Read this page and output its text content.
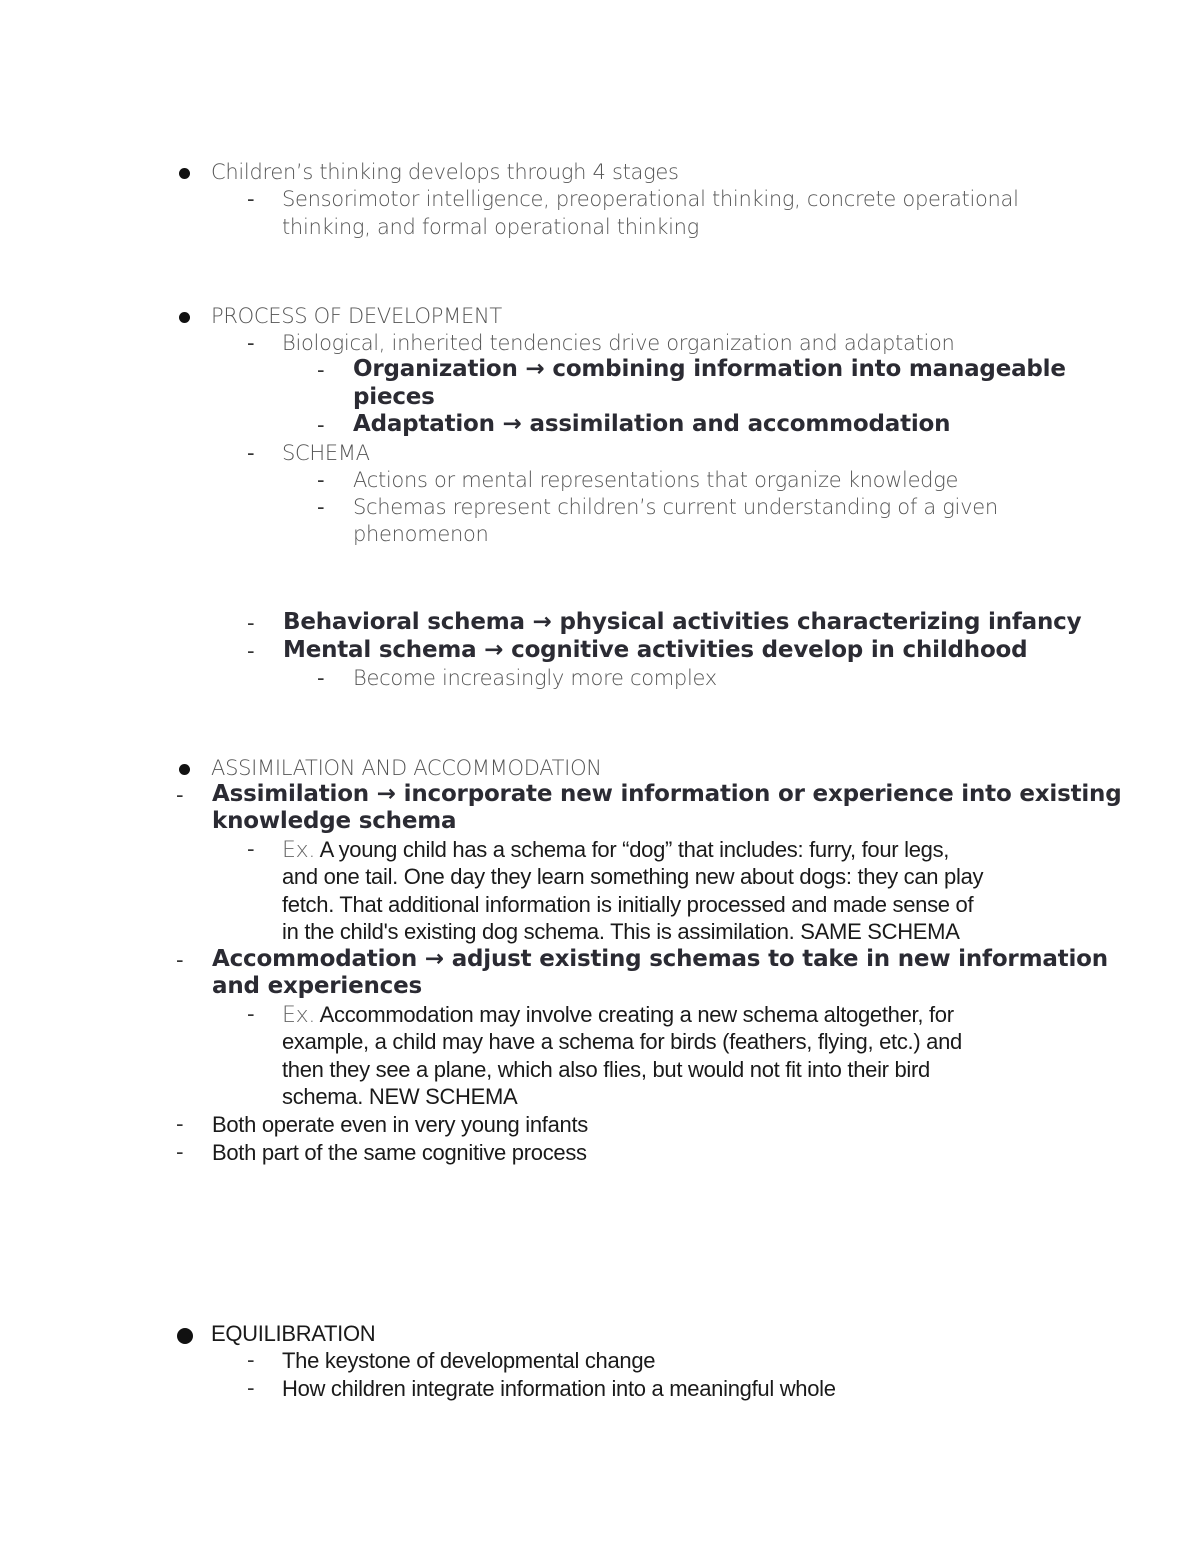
Children’s thinking develops through 4 stages
- Sensorimotor intelligence, preoperational thinking, concrete operational
thinking, and formal operational thinking
PROCESS OF DEVELOPMENT
- Biological, inherited tendencies drive organization and adaptation
- Organization → combining information into manageable
pieces
- Adaptation → assimilation and accommodation
- SCHEMA
- Actions or mental representations that organize knowledge
- Schemas represent children’s current understanding of a given
phenomenon
- Behavioral schema → physical activities characterizing infancy
- Mental schema → cognitive activities develop in childhood
- Become increasingly more complex
ASSIMILATION AND ACCOMMODATION
- Assimilation → incorporate new information or experience into existing
knowledge schema
- Ex. A young child has a schema for “dog” that includes: furry, four legs,
and one tail. One day they learn something new about dogs: they can play
fetch. That additional information is initially processed and made sense of
in the child's existing dog schema. This is assimilation. SAME SCHEMA
- Accommodation → adjust existing schemas to take in new information
and experiences
- Ex. Accommodation may involve creating a new schema altogether, for
example, a child may have a schema for birds (feathers, flying, etc.) and
then they see a plane, which also flies, but would not fit into their bird
schema. NEW SCHEMA
- Both operate even in very young infants
- Both part of the same cognitive process
EQUILIBRATION
- The keystone of developmental change
- How children integrate information into a meaningful whole
